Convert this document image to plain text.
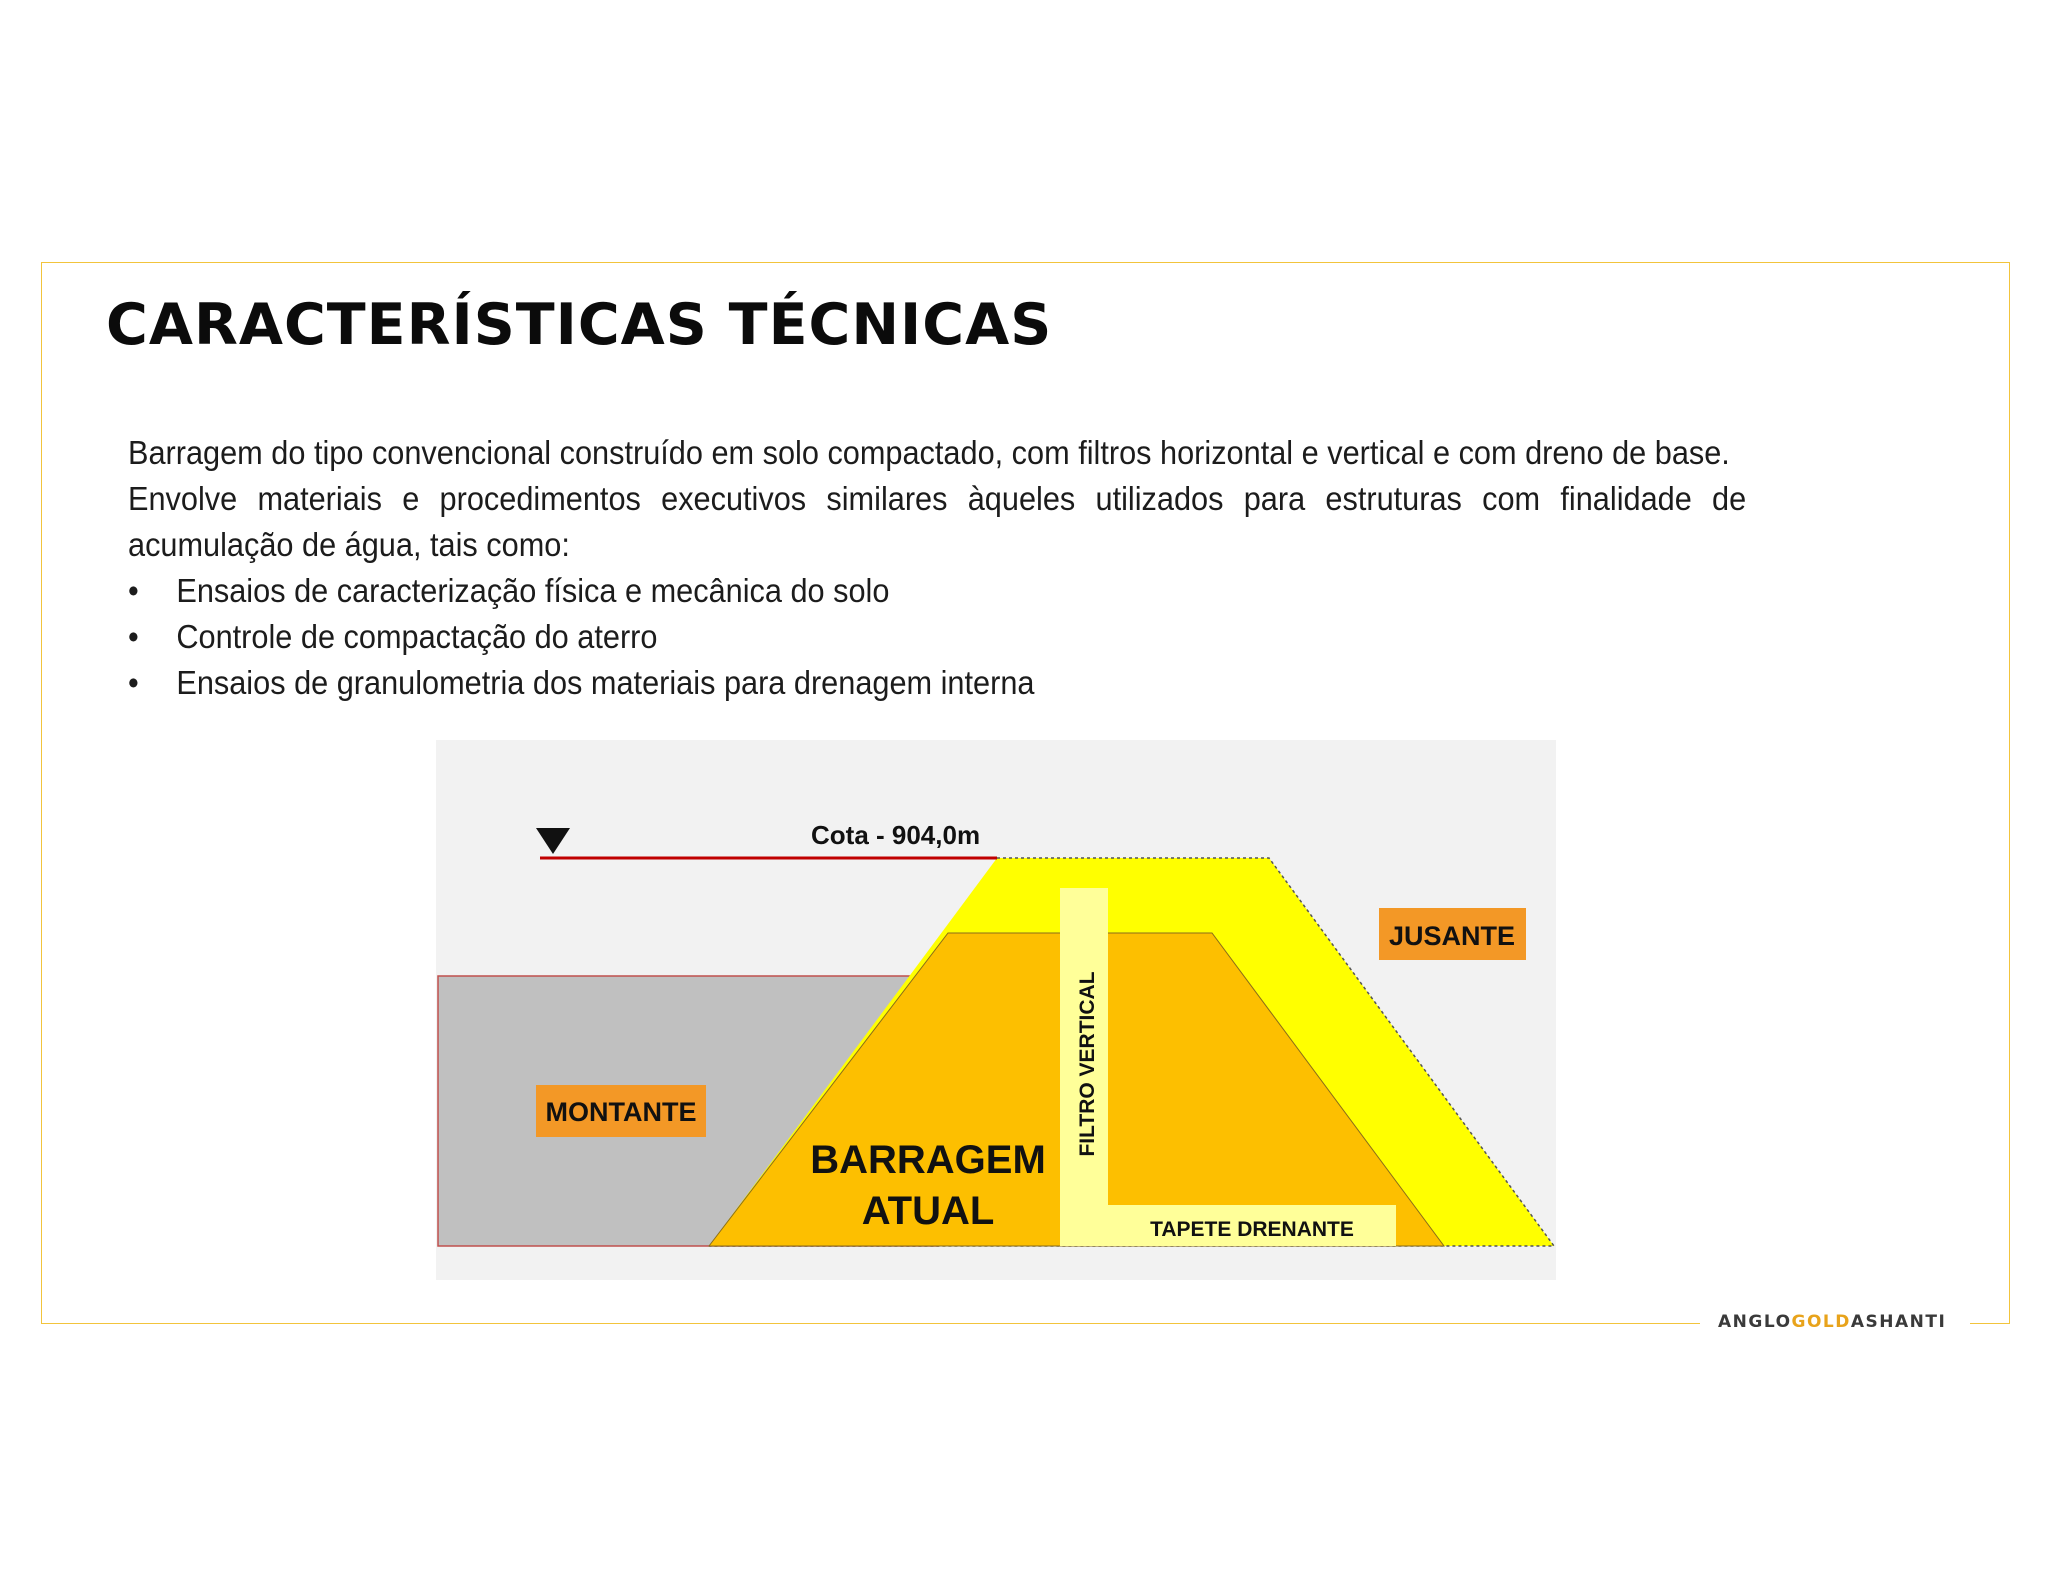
CARACTERÍSTICAS TÉCNICAS

Barragem do tipo convencional construído em solo compactado, com filtros horizontal e vertical e com dreno de base.

Envolve materiais e procedimentos executivos similares àqueles utilizados para estruturas com finalidade de acumulação de água, tais como:

• Ensaios de caracterização física e mecânica do solo
• Controle de compactação do aterro
• Ensaios de granulometria dos materiais para drenagem interna
Cota - 904,0m
JUSANTE
MONTANTE	FILTRO VERTICAL
BARRAGEM
ATUAL	TAPETE DRENANTE
ANGLOGOLDASHANTI
